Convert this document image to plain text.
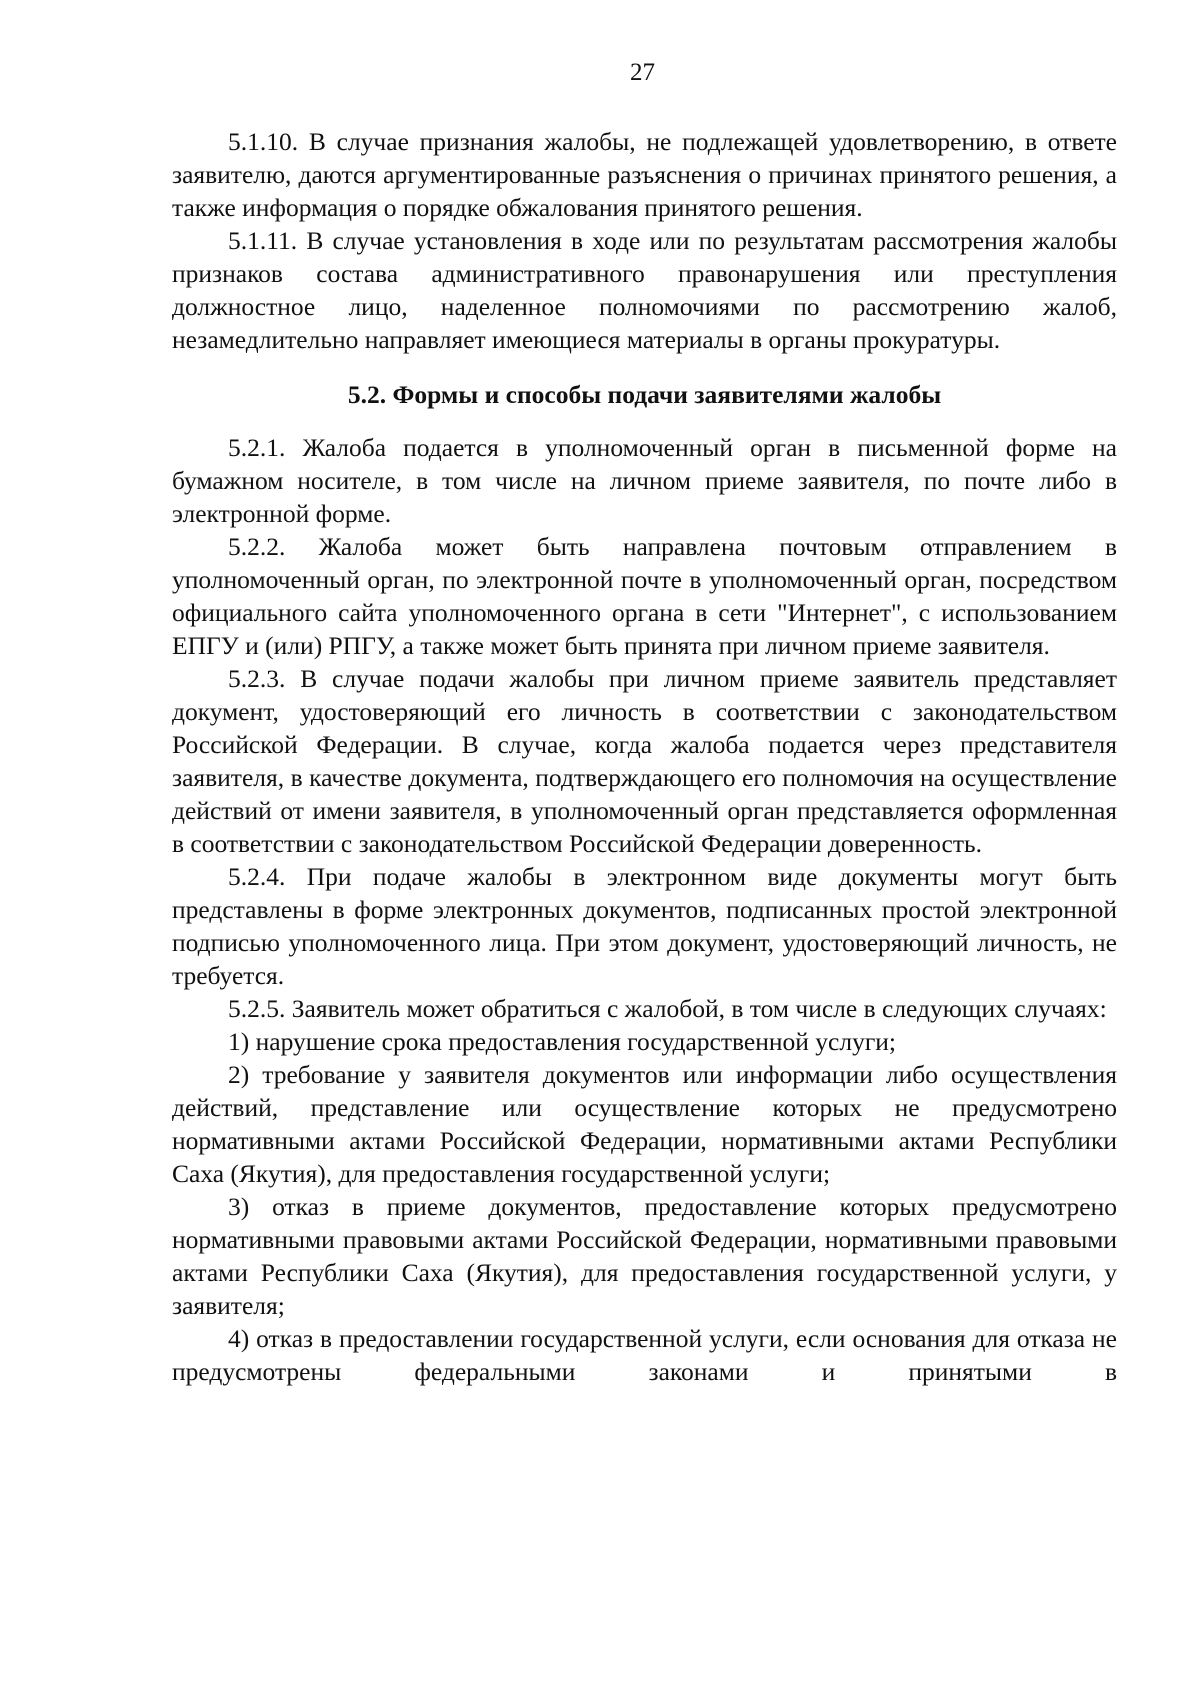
27

5.1.10. В случае признания жалобы, не подлежащей удовлетворению, в ответе заявителю, даются аргументированные разъяснения о причинах принятого решения, а также информация о порядке обжалования принятого решения.

5.1.11. В случае установления в ходе или по результатам рассмотрения жалобы признаков состава административного правонарушения или преступления должностное лицо, наделенное полномочиями по рассмотрению жалоб, незамедлительно направляет имеющиеся материалы в органы прокуратуры.

5.2. Формы и способы подачи заявителями жалобы

5.2.1. Жалоба подается в уполномоченный орган в письменной форме на бумажном носителе, в том числе на личном приеме заявителя, по почте либо в электронной форме.

5.2.2. Жалоба может быть направлена почтовым отправлением в уполномоченный орган, по электронной почте в уполномоченный орган, посредством официального сайта уполномоченного органа в сети "Интернет", с использованием ЕПГУ и (или) РПГУ, а также может быть принята при личном приеме заявителя.

5.2.3. В случае подачи жалобы при личном приеме заявитель представляет документ, удостоверяющий его личность в соответствии с законодательством Российской Федерации. В случае, когда жалоба подается через представителя заявителя, в качестве документа, подтверждающего его полномочия на осуществление действий от имени заявителя, в уполномоченный орган представляется оформленная в соответствии с законодательством Российской Федерации доверенность.

5.2.4. При подаче жалобы в электронном виде документы могут быть представлены в форме электронных документов, подписанных простой электронной подписью уполномоченного лица. При этом документ, удостоверяющий личность, не требуется.

5.2.5. Заявитель может обратиться с жалобой, в том числе в следующих случаях:

1) нарушение срока предоставления государственной услуги;

2) требование у заявителя документов или информации либо осуществления действий, представление или осуществление которых не предусмотрено нормативными актами Российской Федерации, нормативными актами Республики Саха (Якутия), для предоставления государственной услуги;

3) отказ в приеме документов, предоставление которых предусмотрено нормативными правовыми актами Российской Федерации, нормативными правовыми актами Республики Саха (Якутия), для предоставления государственной услуги, у заявителя;

4) отказ в предоставлении государственной услуги, если основания для отказа не предусмотрены федеральными законами и принятыми в
